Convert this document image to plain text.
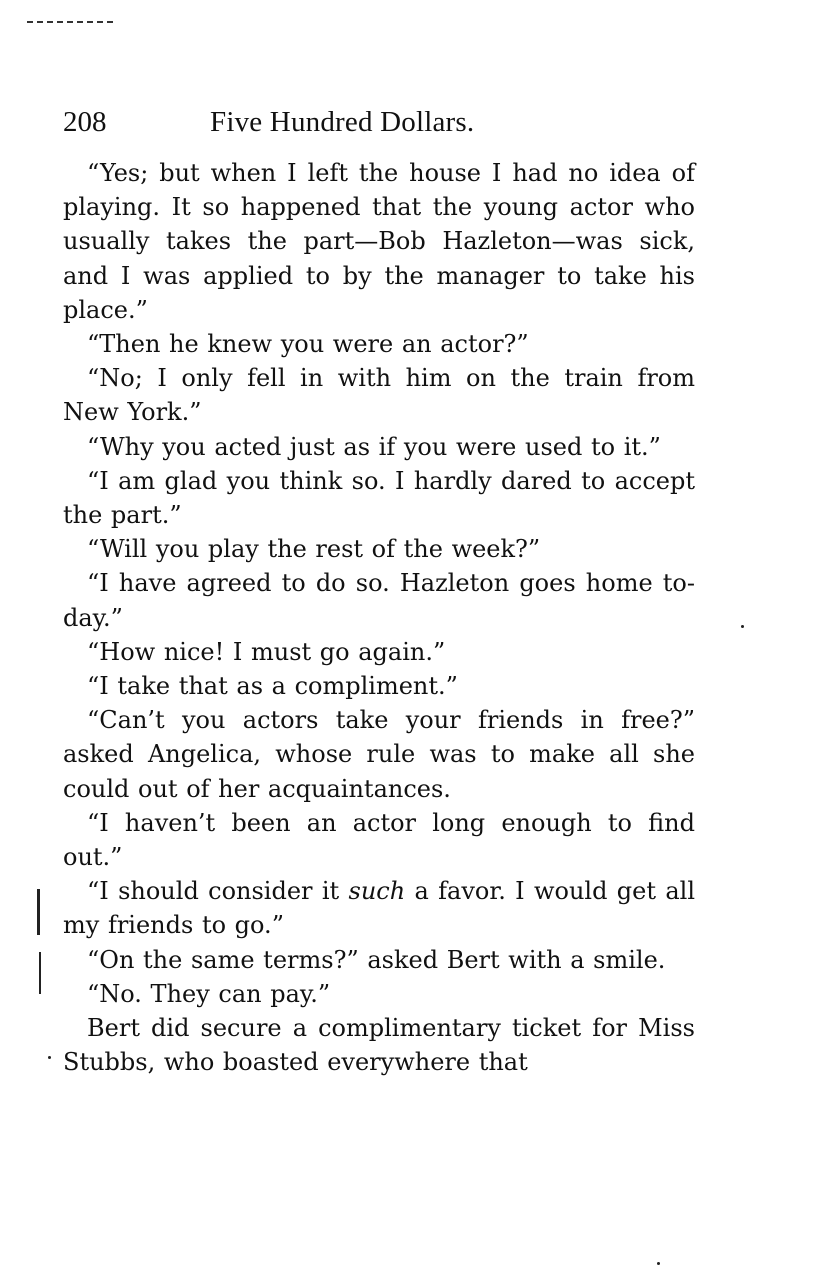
208	Five Hundred Dollars.

“Yes; but when I left the house I had no idea of playing. It so happened that the young actor who usually takes the part—Bob Hazleton—was sick, and I was applied to by the manager to take his place.”

“Then he knew you were an actor?”

“No; I only fell in with him on the train from New York.”

“Why you acted just as if you were used to it.”

“I am glad you think so. I hardly dared to accept the part.”

“Will you play the rest of the week?”

“I have agreed to do so. Hazleton goes home to-day.”

“How nice! I must go again.”

“I take that as a compliment.”

“Can’t you actors take your friends in free?” asked Angelica, whose rule was to make all she could out of her acquaintances.

“I haven’t been an actor long enough to find out.”

“I should consider it such a favor. I would get all my friends to go.”

“On the same terms?” asked Bert with a smile.

“No. They can pay.”

Bert did secure a complimentary ticket for Miss Stubbs, who boasted everywhere that
